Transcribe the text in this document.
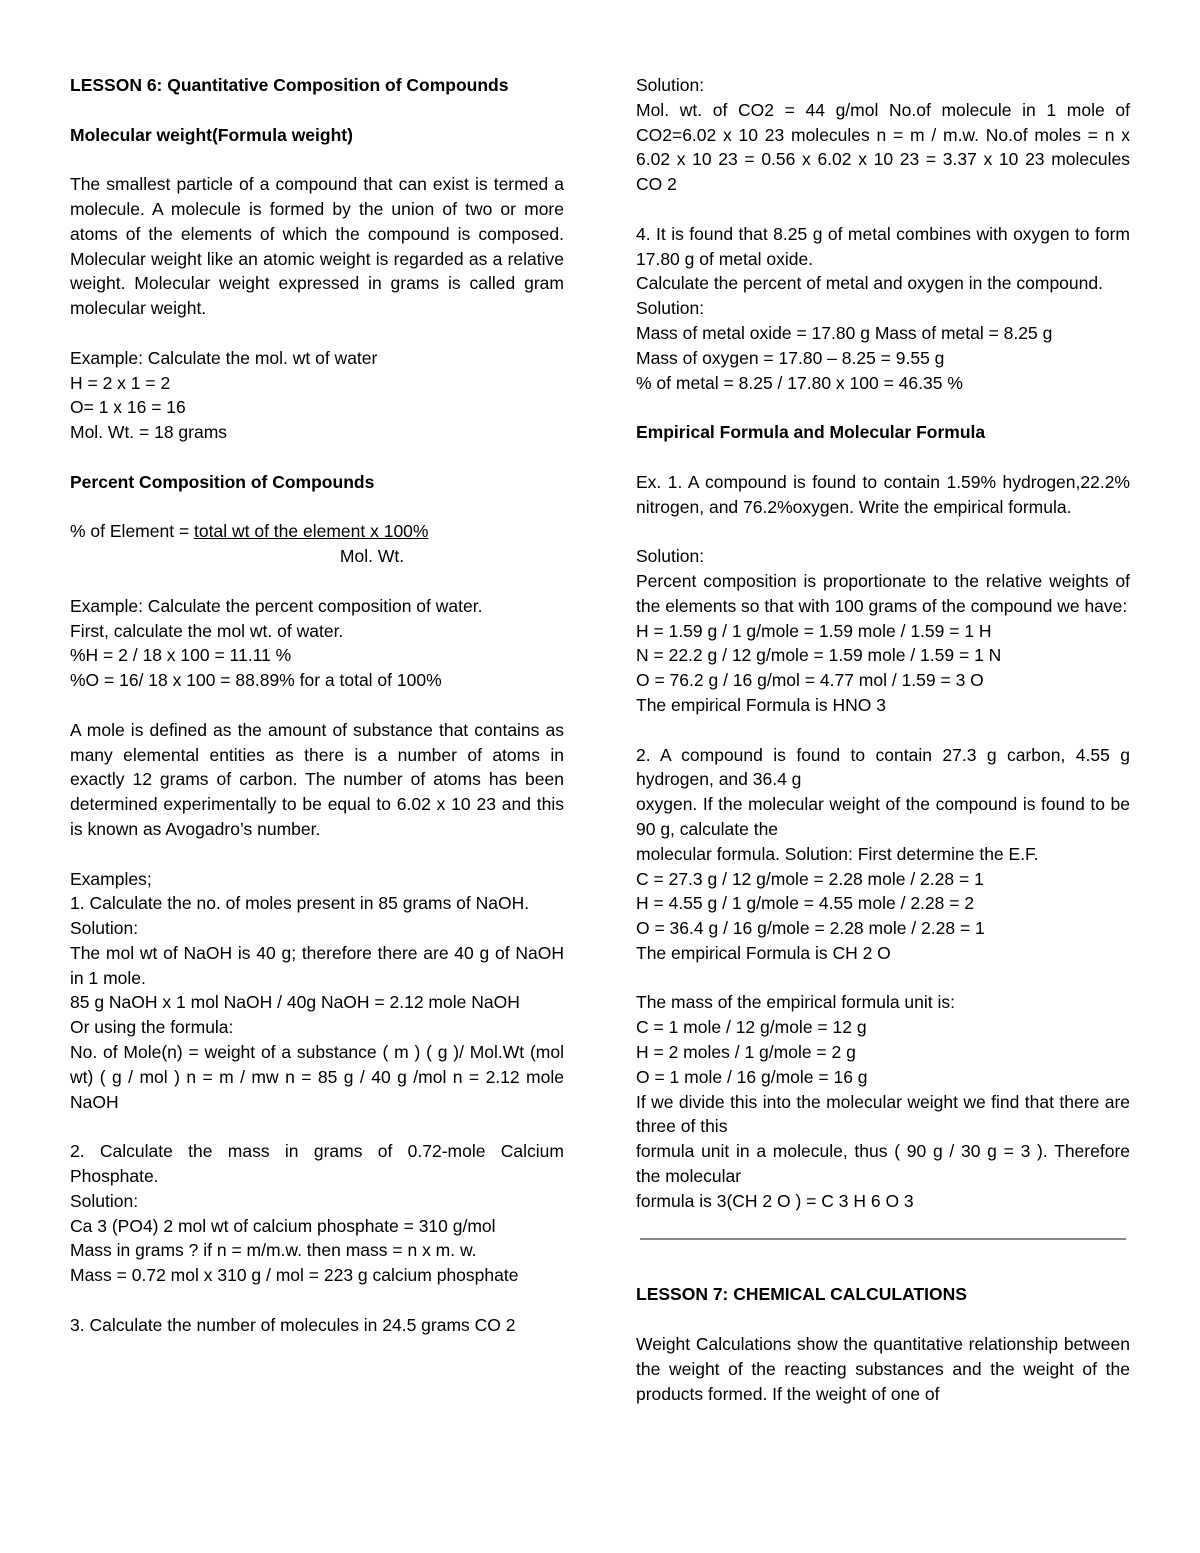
LESSON 6: Quantitative Composition of Compounds

Molecular weight(Formula weight)

The smallest particle of a compound that can exist is termed a molecule. A molecule is formed by the union of two or more atoms of the elements of which the compound is composed. Molecular weight like an atomic weight is regarded as a relative weight. Molecular weight expressed in grams is called gram molecular weight.

Example: Calculate the mol. wt of water
H = 2 x 1 = 2
O= 1 x 16 = 16
Mol. Wt. = 18 grams

Percent Composition of Compounds

% of Element = total wt of the element x 100%
Mol. Wt.
Example: Calculate the percent composition of water.
First, calculate the mol wt. of water.
%H = 2 / 18 x 100 = 11.11 %
%O = 16/ 18 x 100 = 88.89% for a total of 100%

A mole is defined as the amount of substance that contains as many elemental entities as there is a number of atoms in exactly 12 grams of carbon. The number of atoms has been determined experimentally to be equal to 6.02 x 10 23 and this is known as Avogadro’s number.

Examples;
1. Calculate the no. of moles present in 85 grams of NaOH.
Solution:
The mol wt of NaOH is 40 g; therefore there are 40 g of NaOH in 1 mole.
85 g NaOH x 1 mol NaOH / 40g NaOH = 2.12 mole NaOH
Or using the formula:
No. of Mole(n) = weight of a substance ( m ) ( g )/ Mol.Wt (mol wt) ( g / mol ) n = m / mw n = 85 g / 40 g /mol n = 2.12 mole NaOH
2. Calculate the mass in grams of 0.72-mole Calcium Phosphate.
Solution:
Ca 3 (PO4) 2 mol wt of calcium phosphate = 310 g/mol
Mass in grams ? if n = m/m.w. then mass = n x m. w.
Mass = 0.72 mol x 310 g / mol = 223 g calcium phosphate

3. Calculate the number of molecules in 24.5 grams CO 2

Solution:
Mol. wt. of CO2 = 44 g/mol No.of molecule in 1 mole of CO2=6.02 x 10 23 molecules n = m / m.w. No.of moles = n x 6.02 x 10 23 = 0.56 x 6.02 x 10 23 = 3.37 x 10 23 molecules CO 2
4. It is found that 8.25 g of metal combines with oxygen to form 17.80 g of metal oxide.
Calculate the percent of metal and oxygen in the compound.
Solution:
Mass of metal oxide = 17.80 g Mass of metal = 8.25 g
Mass of oxygen = 17.80 – 8.25 = 9.55 g
% of metal = 8.25 / 17.80 x 100 = 46.35 %

Empirical Formula and Molecular Formula

Ex. 1. A compound is found to contain 1.59% hydrogen,22.2% nitrogen, and 76.2%oxygen. Write the empirical formula.

Solution:
Percent composition is proportionate to the relative weights of the elements so that with 100 grams of the compound we have:
H = 1.59 g / 1 g/mole = 1.59 mole / 1.59 = 1 H
N = 22.2 g / 12 g/mole = 1.59 mole / 1.59 = 1 N
O = 76.2 g / 16 g/mol = 4.77 mol / 1.59 = 3 O
The empirical Formula is HNO 3
2. A compound is found to contain 27.3 g carbon, 4.55 g hydrogen, and 36.4 g
oxygen. If the molecular weight of the compound is found to be 90 g, calculate the
molecular formula. Solution: First determine the E.F.
C = 27.3 g / 12 g/mole = 2.28 mole / 2.28 = 1
H = 4.55 g / 1 g/mole = 4.55 mole / 2.28 = 2
O = 36.4 g / 16 g/mole = 2.28 mole / 2.28 = 1
The empirical Formula is CH 2 O
The mass of the empirical formula unit is:
C = 1 mole / 12 g/mole = 12 g
H = 2 moles / 1 g/mole = 2 g
O = 1 mole / 16 g/mole = 16 g
If we divide this into the molecular weight we find that there are three of this
formula unit in a molecule, thus ( 90 g / 30 g = 3 ). Therefore the molecular
formula is 3(CH 2 O ) = C 3 H 6 O 3

LESSON 7: CHEMICAL CALCULATIONS

Weight Calculations show the quantitative relationship between the weight of the reacting substances and the weight of the products formed. If the weight of one of
